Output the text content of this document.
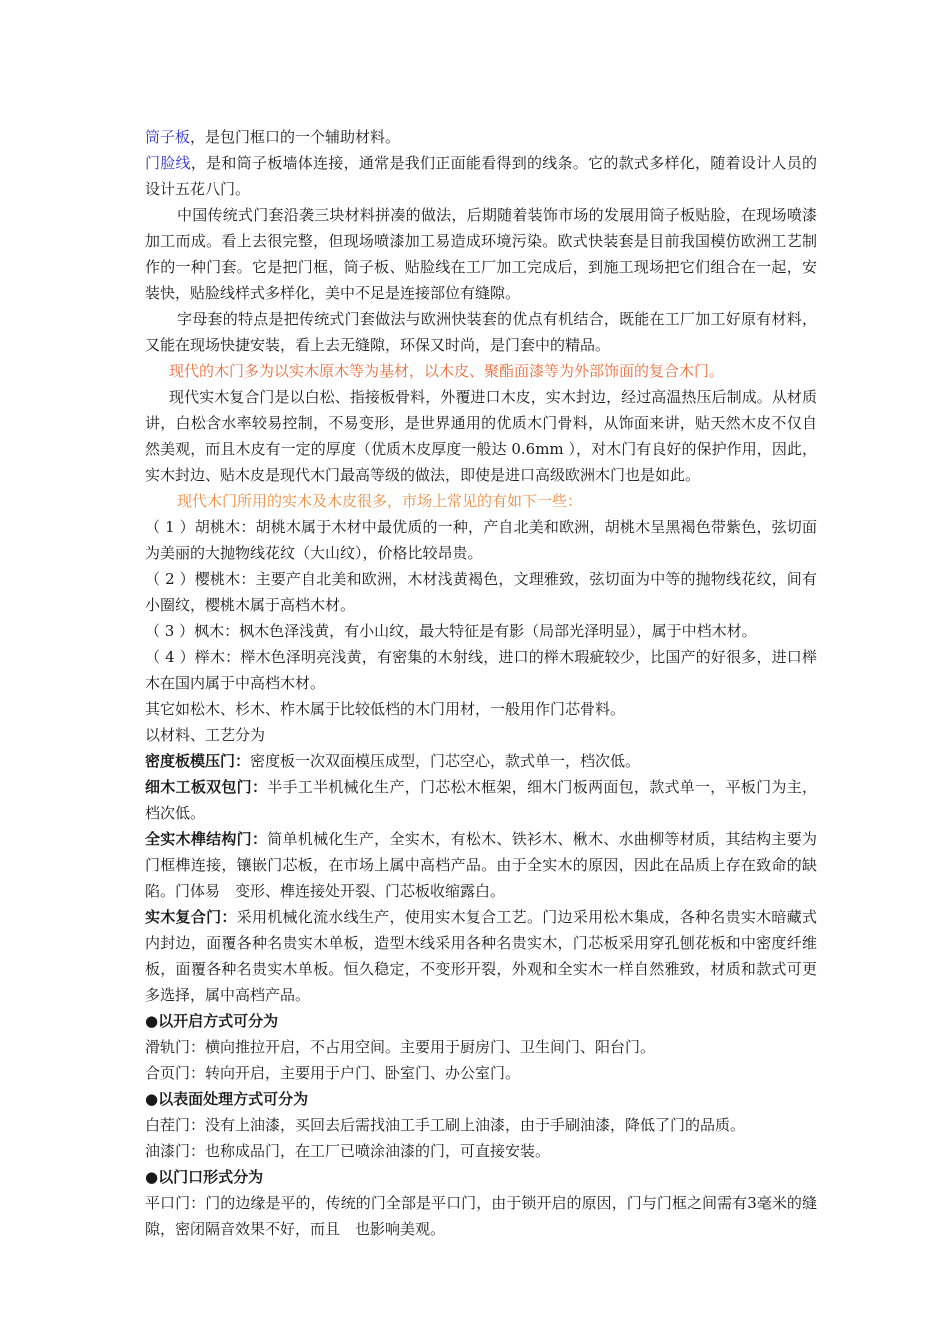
筒子板，是包门框口的一个辅助材料。

门脸线，是和筒子板墙体连接，通常是我们正面能看得到的线条。它的款式多样化，随着设计人员的设计五花八门。

中国传统式门套沿袭三块材料拼凑的做法，后期随着装饰市场的发展用筒子板贴脸，在现场喷漆加工而成。看上去很完整，但现场喷漆加工易造成环境污染。欧式快装套是目前我国模仿欧洲工艺制作的一种门套。它是把门框，筒子板、贴脸线在工厂加工完成后，到施工现场把它们组合在一起，安装快，贴脸线样式多样化，美中不足是连接部位有缝隙。

字母套的特点是把传统式门套做法与欧洲快装套的优点有机结合，既能在工厂加工好原有材料，又能在现场快捷安装，看上去无缝隙，环保又时尚，是门套中的精品。

现代的木门多为以实木原木等为基材，以木皮、聚酯面漆等为外部饰面的复合木门。

现代实木复合门是以白松、指接板骨料，外覆进口木皮，实木封边，经过高温热压后制成。从材质讲，白松含水率较易控制，不易变形，是世界通用的优质木门骨料，从饰面来讲，贴天然木皮不仅自然美观，而且木皮有一定的厚度（优质木皮厚度一般达 0.6mm ），对木门有良好的保护作用，因此，实木封边、贴木皮是现代木门最高等级的做法，即使是进口高级欧洲木门也是如此。

现代木门所用的实木及木皮很多，市场上常见的有如下一些：

（ 1 ）胡桃木：胡桃木属于木材中最优质的一种，产自北美和欧洲，胡桃木呈黑褐色带紫色，弦切面为美丽的大抛物线花纹（大山纹），价格比较昂贵。

（ 2 ）樱桃木：主要产自北美和欧洲，木材浅黄褐色，文理雅致，弦切面为中等的抛物线花纹，间有小圈纹，樱桃木属于高档木材。

（ 3 ）枫木：枫木色泽浅黄，有小山纹，最大特征是有影（局部光泽明显），属于中档木材。

（ 4 ）榉木：榉木色泽明亮浅黄，有密集的木射线，进口的榉木瑕疵较少，比国产的好很多，进口榉木在国内属于中高档木材。

其它如松木、杉木、柞木属于比较低档的木门用材，一般用作门芯骨料。

以材料、工艺分为

密度板模压门：密度板一次双面模压成型，门芯空心，款式单一，档次低。

细木工板双包门：半手工半机械化生产，门芯松木框架，细木门板两面包，款式单一，平板门为主，档次低。

全实木榫结构门：简单机械化生产，全实木，有松木、铁衫木、楸木、水曲柳等材质，其结构主要为门框榫连接，镶嵌门芯板，在市场上属中高档产品。由于全实木的原因，因此在品质上存在致命的缺陷。门体易　变形、榫连接处开裂、门芯板收缩露白。

实木复合门：采用机械化流水线生产，使用实木复合工艺。门边采用松木集成，各种名贵实木暗藏式内封边，面覆各种名贵实木单板，造型木线采用各种名贵实木，门芯板采用穿孔刨花板和中密度纤维板，面覆各种名贵实木单板。恒久稳定，不变形开裂，外观和全实木一样自然雅致，材质和款式可更多选择，属中高档产品。

●以开启方式可分为

滑轨门：横向推拉开启，不占用空间。主要用于厨房门、卫生间门、阳台门。

合页门：转向开启，主要用于户门、卧室门、办公室门。

●以表面处理方式可分为

白茬门：没有上油漆，买回去后需找油工手工刷上油漆，由于手刷油漆，降低了门的品质。

油漆门：也称成品门，在工厂已喷涂油漆的门，可直接安装。

●以门口形式分为

平口门：门的边缘是平的，传统的门全部是平口门，由于锁开启的原因，门与门框之间需有3毫米的缝隙，密闭隔音效果不好，而且　也影响美观。
